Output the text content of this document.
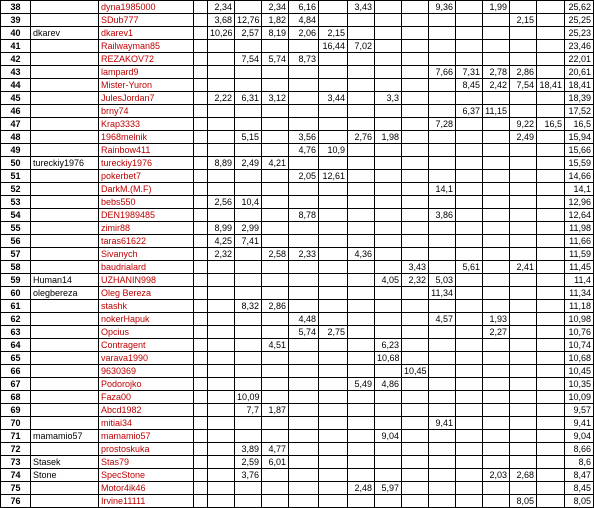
38		dyna1985000		2,34		2,34	6,16		3,43			9,36		1,99			25,62
39		SDub777		3,68	12,76	1,82	4,84								2,15		25,25
40	dkarev	dkarev1		10,26	2,57	8,19	2,06	2,15									25,23
41		Railwayman85						16,44	7,02								23,46
42		REZAKOV72			7,54	5,74	8,73										22,01
43		lampard9										7,66	7,31	2,78	2,86		20,61
44		Mister-Yuron											8,45	2,42	7,54	18,41	18,41
45		JulesJordan7		2,22	6,31	3,12		3,44		3,3							18,39
46		brny74											6,37	11,15			17,52
47		Krap3333										7,28			9,22	16,5	16,5
48		1968melnik			5,15		3,56		2,76	1,98					2,49		15,94
49		Rainbow411					4,76	10,9									15,66
50	tureckiy1976	tureckiy1976		8,89	2,49	4,21											15,59
51		pokerbet7					2,05	12,61									14,66
52		DarkM.(M.F)										14,1					14,1
53		bebs550		2,56	10,4												12,96
54		DEN1989485					8,78					3,86					12,64
55		zimir88		8,99	2,99												11,98
56		taras61622		4,25	7,41												11,66
57		Sivanych		2,32		2,58	2,33		4,36								11,59
58		baudrialard									3,43		5,61		2,41		11,45
59	Human14	UZHANIN998								4,05	2,32	5,03					11,4
60	olegbereza	Oleg Bereza										11,34					11,34
61		stashk			8,32	2,86											11,18
62		nokerHapuk					4,48					4,57		1,93			10,98
63		Opcius					5,74	2,75						2,27			10,76
64		Contragent				4,51				6,23							10,74
65		varava1990								10,68							10,68
66		9630369									10,45						10,45
67		Podorojko							5,49	4,86							10,35
68		Faza00			10,09												10,09
69		Abcd1982			7,7	1,87											9,57
70		mitiai34										9,41					9,41
71	mamamio57	mamamio57								9,04							9,04
72		prostoskuka			3,89	4,77											8,66
73	Stasek	Stas79			2,59	6,01											8,6
74	Stone	SpecStone			3,76									2,03	2,68		8,47
75		Motor4ik46							2,48	5,97							8,45
76		Irvine11111													8,05		8,05
